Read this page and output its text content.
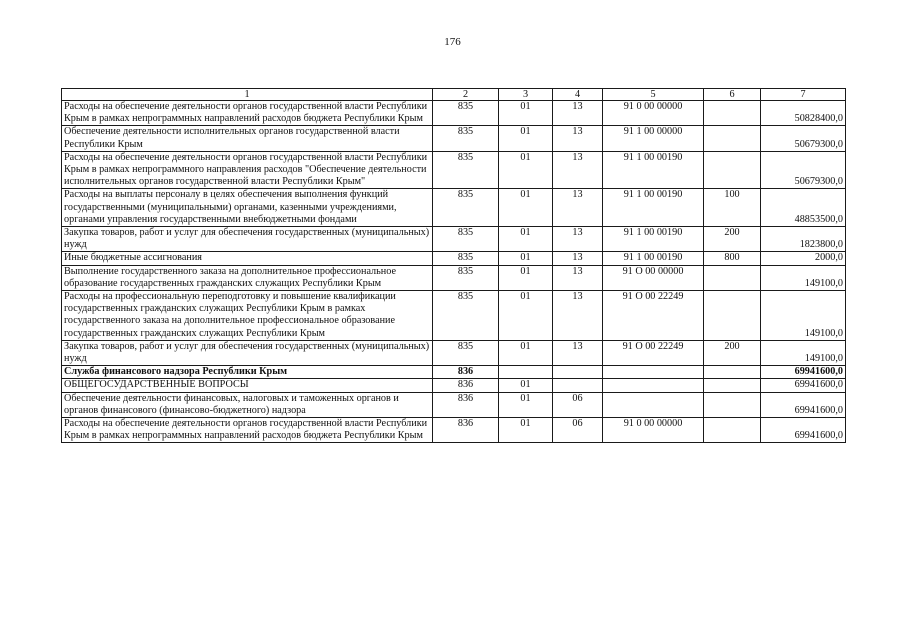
176
1	2	3	4	5	6	7
Расходы на обеспечение деятельности органов государственной власти Республики Крым в рамках непрограммных направлений расходов бюджета Республики Крым	835	01	13	91 0 00 00000		50828400,0
Обеспечение деятельности исполнительных органов государственной власти Республики Крым	835	01	13	91 1 00 00000		50679300,0
Расходы на обеспечение деятельности органов государственной власти Республики Крым в рамках непрограммного направления расходов "Обеспечение деятельности исполнительных органов государственной власти Республики Крым"	835	01	13	91 1 00 00190		50679300,0
Расходы на выплаты персоналу в целях обеспечения выполнения функций государственными (муниципальными) органами, казенными учреждениями, органами управления государственными внебюджетными фондами	835	01	13	91 1 00 00190	100	48853500,0
Закупка товаров, работ и услуг для обеспечения государственных (муниципальных) нужд	835	01	13	91 1 00 00190	200	1823800,0
Иные бюджетные ассигнования	835	01	13	91 1 00 00190	800	2000,0
Выполнение государственного заказа на дополнительное профессиональное образование государственных гражданских служащих Республики Крым	835	01	13	91 О 00 00000		149100,0
Расходы на профессиональную переподготовку и повышение квалификации государственных гражданских служащих Республики Крым в рамках государственного заказа на дополнительное профессиональное образование государственных гражданских служащих Республики Крым	835	01	13	91 О 00 22249		149100,0
Закупка товаров, работ и услуг для обеспечения государственных (муниципальных) нужд	835	01	13	91 О 00 22249	200	149100,0
Служба финансового надзора Республики Крым	836					69941600,0
ОБЩЕГОСУДАРСТВЕННЫЕ ВОПРОСЫ	836	01				69941600,0
Обеспечение деятельности финансовых, налоговых и таможенных органов и органов финансового (финансово-бюджетного) надзора	836	01	06			69941600,0
Расходы на обеспечение деятельности органов государственной власти Республики Крым в рамках непрограммных направлений расходов бюджета Республики Крым	836	01	06	91 0 00 00000		69941600,0
